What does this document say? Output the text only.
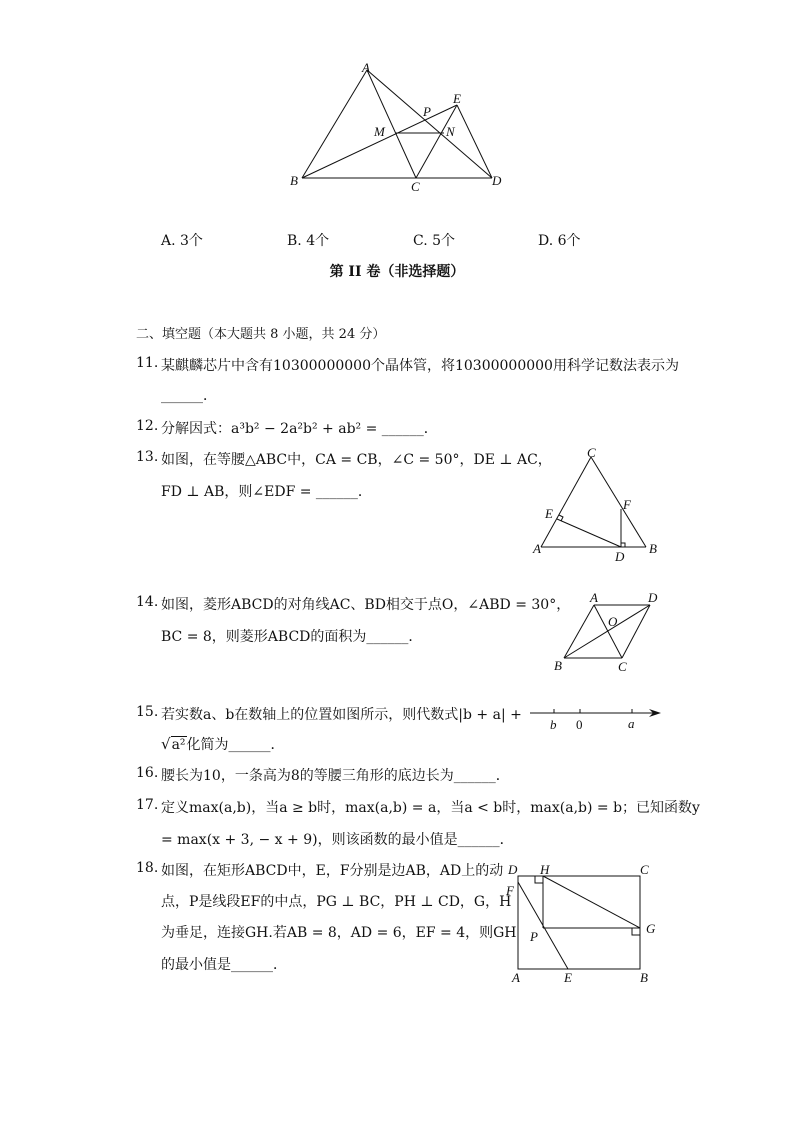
A
B	C	D
E
M	N
P
A. 3个	B. 4个	C. 5个	D. 6个
第 II 卷（非选择题）
二、填空题（本大题共 8 小题，共 24 分）
11. 某麒麟芯片中含有10300000000个晶体管，将10300000000用科学记数法表示为
______．
12. 分解因式：a³b² − 2a²b² + ab² = ______．
13. 如图，在等腰△ABC中，CA = CB，∠C = 50°，DE ⊥ AC，
FD ⊥ AB，则∠EDF = ______．
C
A	B
D
E
F
14. 如图，菱形ABCD的对角线AC、BD相交于点O，∠ABD = 30°，
BC = 8，则菱形ABCD的面积为______．
A	D
B	C
O
15. 若实数a、b在数轴上的位置如图所示，则代数式|b + a| +
√a²化简为______．
b 0	a
16. 腰长为10，一条高为8的等腰三角形的底边长为______．
17. 定义max(a,b)，当a ≥ b时，max(a,b) = a，当a < b时，max(a,b) = b；已知函数y
= max(x + 3, − x + 9)，则该函数的最小值是______．
18. 如图，在矩形ABCD中，E，F分别是边AB，AD上的动
点，P是线段EF的中点，PG ⊥ BC，PH ⊥ CD，G，H
为垂足，连接GH.若AB = 8，AD = 6，EF = 4，则GH
的最小值是______．
D H	C
F
P
G
A	E	B
